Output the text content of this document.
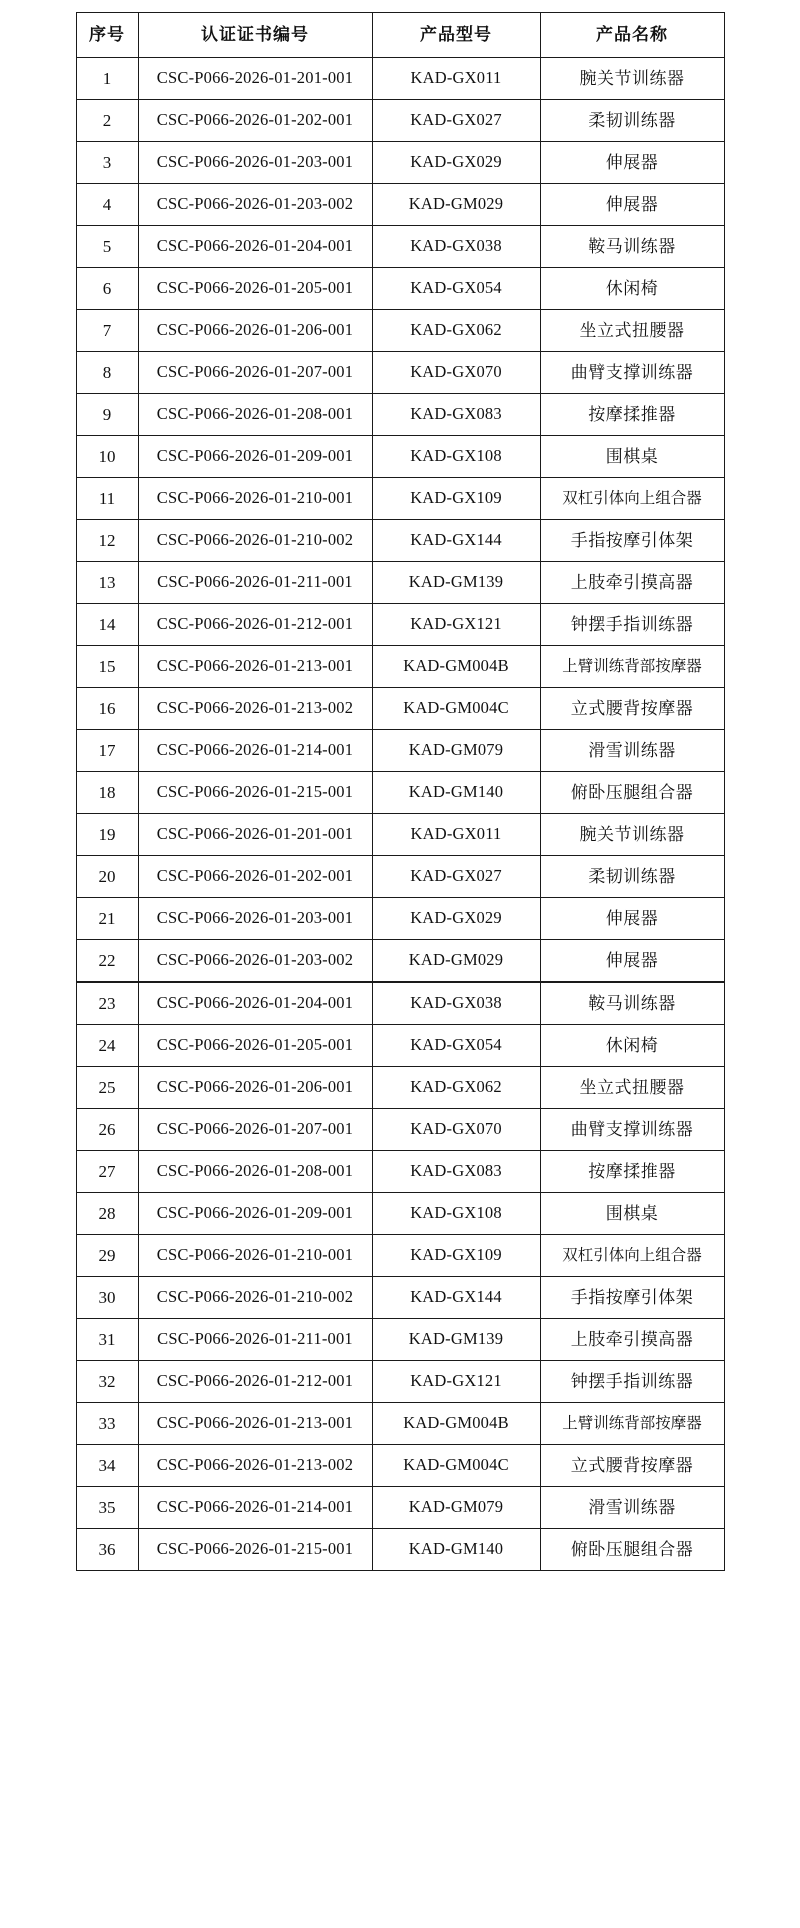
序号	认证证书编号	产品型号	产品名称
1	CSC-P066-2026-01-201-001	KAD-GX011	腕关节训练器
2	CSC-P066-2026-01-202-001	KAD-GX027	柔韧训练器
3	CSC-P066-2026-01-203-001	KAD-GX029	伸展器
4	CSC-P066-2026-01-203-002	KAD-GM029	伸展器
5	CSC-P066-2026-01-204-001	KAD-GX038	鞍马训练器
6	CSC-P066-2026-01-205-001	KAD-GX054	休闲椅
7	CSC-P066-2026-01-206-001	KAD-GX062	坐立式扭腰器
8	CSC-P066-2026-01-207-001	KAD-GX070	曲臂支撑训练器
9	CSC-P066-2026-01-208-001	KAD-GX083	按摩揉推器
10	CSC-P066-2026-01-209-001	KAD-GX108	围棋桌
11	CSC-P066-2026-01-210-001	KAD-GX109	双杠引体向上组合器
12	CSC-P066-2026-01-210-002	KAD-GX144	手指按摩引体架
13	CSC-P066-2026-01-211-001	KAD-GM139	上肢牵引摸高器
14	CSC-P066-2026-01-212-001	KAD-GX121	钟摆手指训练器
15	CSC-P066-2026-01-213-001	KAD-GM004B	上臂训练背部按摩器
16	CSC-P066-2026-01-213-002	KAD-GM004C	立式腰背按摩器
17	CSC-P066-2026-01-214-001	KAD-GM079	滑雪训练器
18	CSC-P066-2026-01-215-001	KAD-GM140	俯卧压腿组合器
19	CSC-P066-2026-01-201-001	KAD-GX011	腕关节训练器
20	CSC-P066-2026-01-202-001	KAD-GX027	柔韧训练器
21	CSC-P066-2026-01-203-001	KAD-GX029	伸展器
22	CSC-P066-2026-01-203-002	KAD-GM029	伸展器
23	CSC-P066-2026-01-204-001	KAD-GX038	鞍马训练器
24	CSC-P066-2026-01-205-001	KAD-GX054	休闲椅
25	CSC-P066-2026-01-206-001	KAD-GX062	坐立式扭腰器
26	CSC-P066-2026-01-207-001	KAD-GX070	曲臂支撑训练器
27	CSC-P066-2026-01-208-001	KAD-GX083	按摩揉推器
28	CSC-P066-2026-01-209-001	KAD-GX108	围棋桌
29	CSC-P066-2026-01-210-001	KAD-GX109	双杠引体向上组合器
30	CSC-P066-2026-01-210-002	KAD-GX144	手指按摩引体架
31	CSC-P066-2026-01-211-001	KAD-GM139	上肢牵引摸高器
32	CSC-P066-2026-01-212-001	KAD-GX121	钟摆手指训练器
33	CSC-P066-2026-01-213-001	KAD-GM004B	上臂训练背部按摩器
34	CSC-P066-2026-01-213-002	KAD-GM004C	立式腰背按摩器
35	CSC-P066-2026-01-214-001	KAD-GM079	滑雪训练器
36	CSC-P066-2026-01-215-001	KAD-GM140	俯卧压腿组合器
